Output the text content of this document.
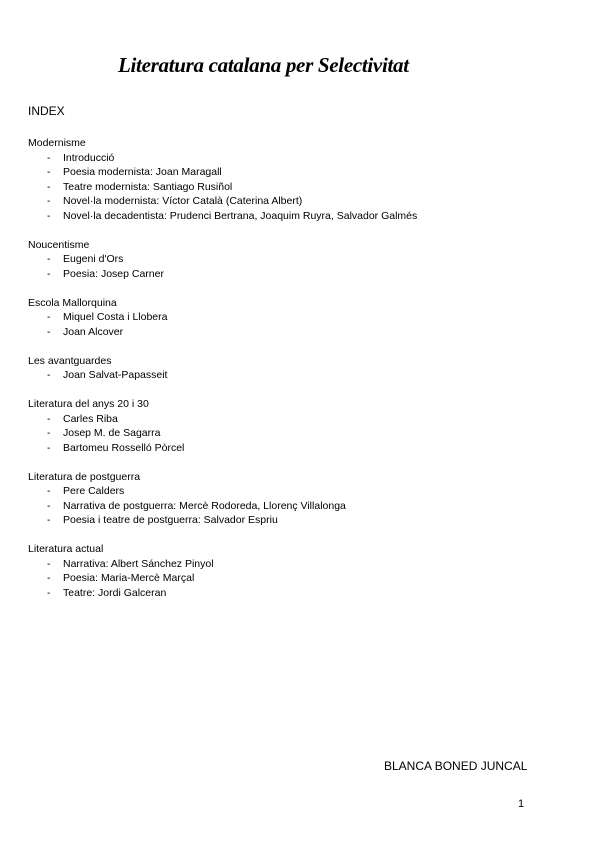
Literatura catalana per Selectivitat
INDEX
Modernisme
- Introducció
- Poesia modernista: Joan Maragall
- Teatre modernista: Santiago Rusiñol
- Novel·la modernista: Víctor Català (Caterina Albert)
- Novel·la decadentista: Prudenci Bertrana, Joaquim Ruyra, Salvador Galmés
Noucentisme
- Eugeni d'Ors
- Poesia: Josep Carner
Escola Mallorquina
- Miquel Costa i Llobera
- Joan Alcover
Les avantguardes
- Joan Salvat-Papasseit
Literatura del anys 20 i 30
- Carles Riba
- Josep M. de Sagarra
- Bartomeu Rosselló Pòrcel
Literatura de postguerra
- Pere Calders
- Narrativa de postguerra: Mercè Rodoreda, Llorenç Villalonga
- Poesia i teatre de postguerra: Salvador Espriu
Literatura actual
- Narrativa: Albert Sánchez Pinyol
- Poesia: Maria-Mercè Marçal
- Teatre: Jordi Galceran
BLANCA BONED JUNCAL
1
